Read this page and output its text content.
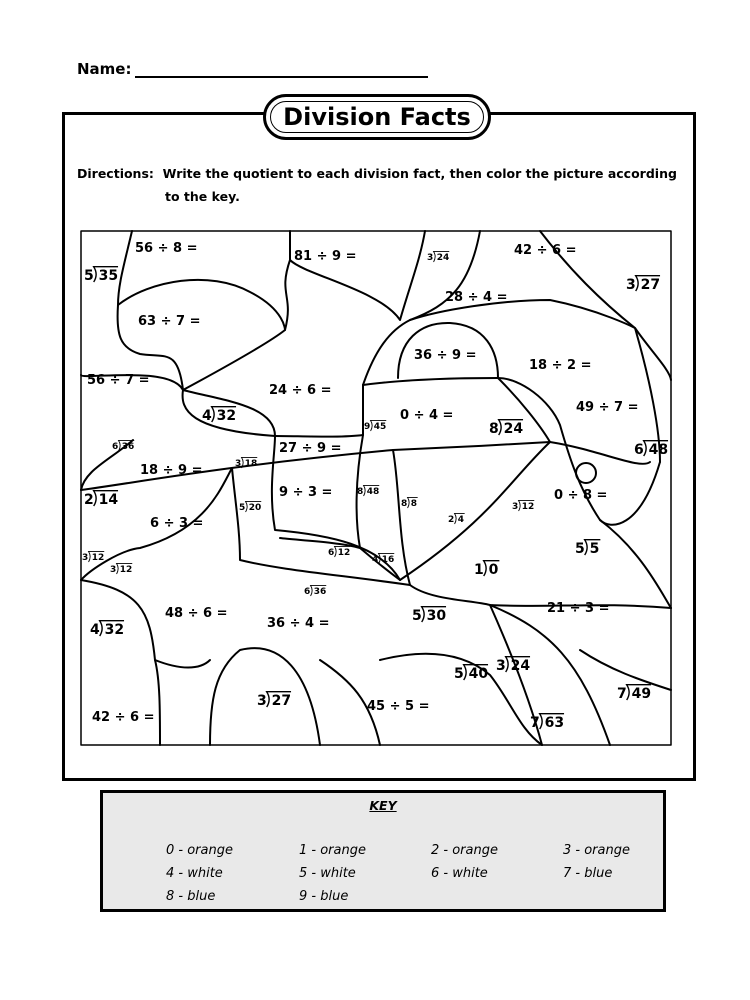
Name:
Division Facts
Directions: Write the quotient to each division fact, then color the picture according
to the key.
56 ÷ 8 =
81 ÷ 9 =	42 ÷ 6 =
63 ÷ 7 =
28 ÷ 4 =
36 ÷ 9 =
18 ÷ 2 =
56 ÷ 7 =
24 ÷ 6 =
0 ÷ 4 =
49 ÷ 7 =
27 ÷ 9 =
18 ÷ 9 =
9 ÷ 3 =	0 ÷ 8 =
6 ÷ 3 =
48 ÷ 6 =
36 ÷ 4 =
21 ÷ 3 =
42 ÷ 6 =
45 ÷ 5 =
5 35
3 24
3 27
4 32
9 45	8 24
6 36
3 18
6 48
2 14	8 48
8 8
5 20	3 12
2 4
6 12
4 16
5 5
3 12	1 0
6 36
5 30
4 32
5 40 3 24
3 27	7 49
7 63
3 12
KEY
0 - orange	1 - orange	2 - orange	3 - orange
4 - white	5 - white	6 - white	7 - blue
8 - blue	9 - blue
